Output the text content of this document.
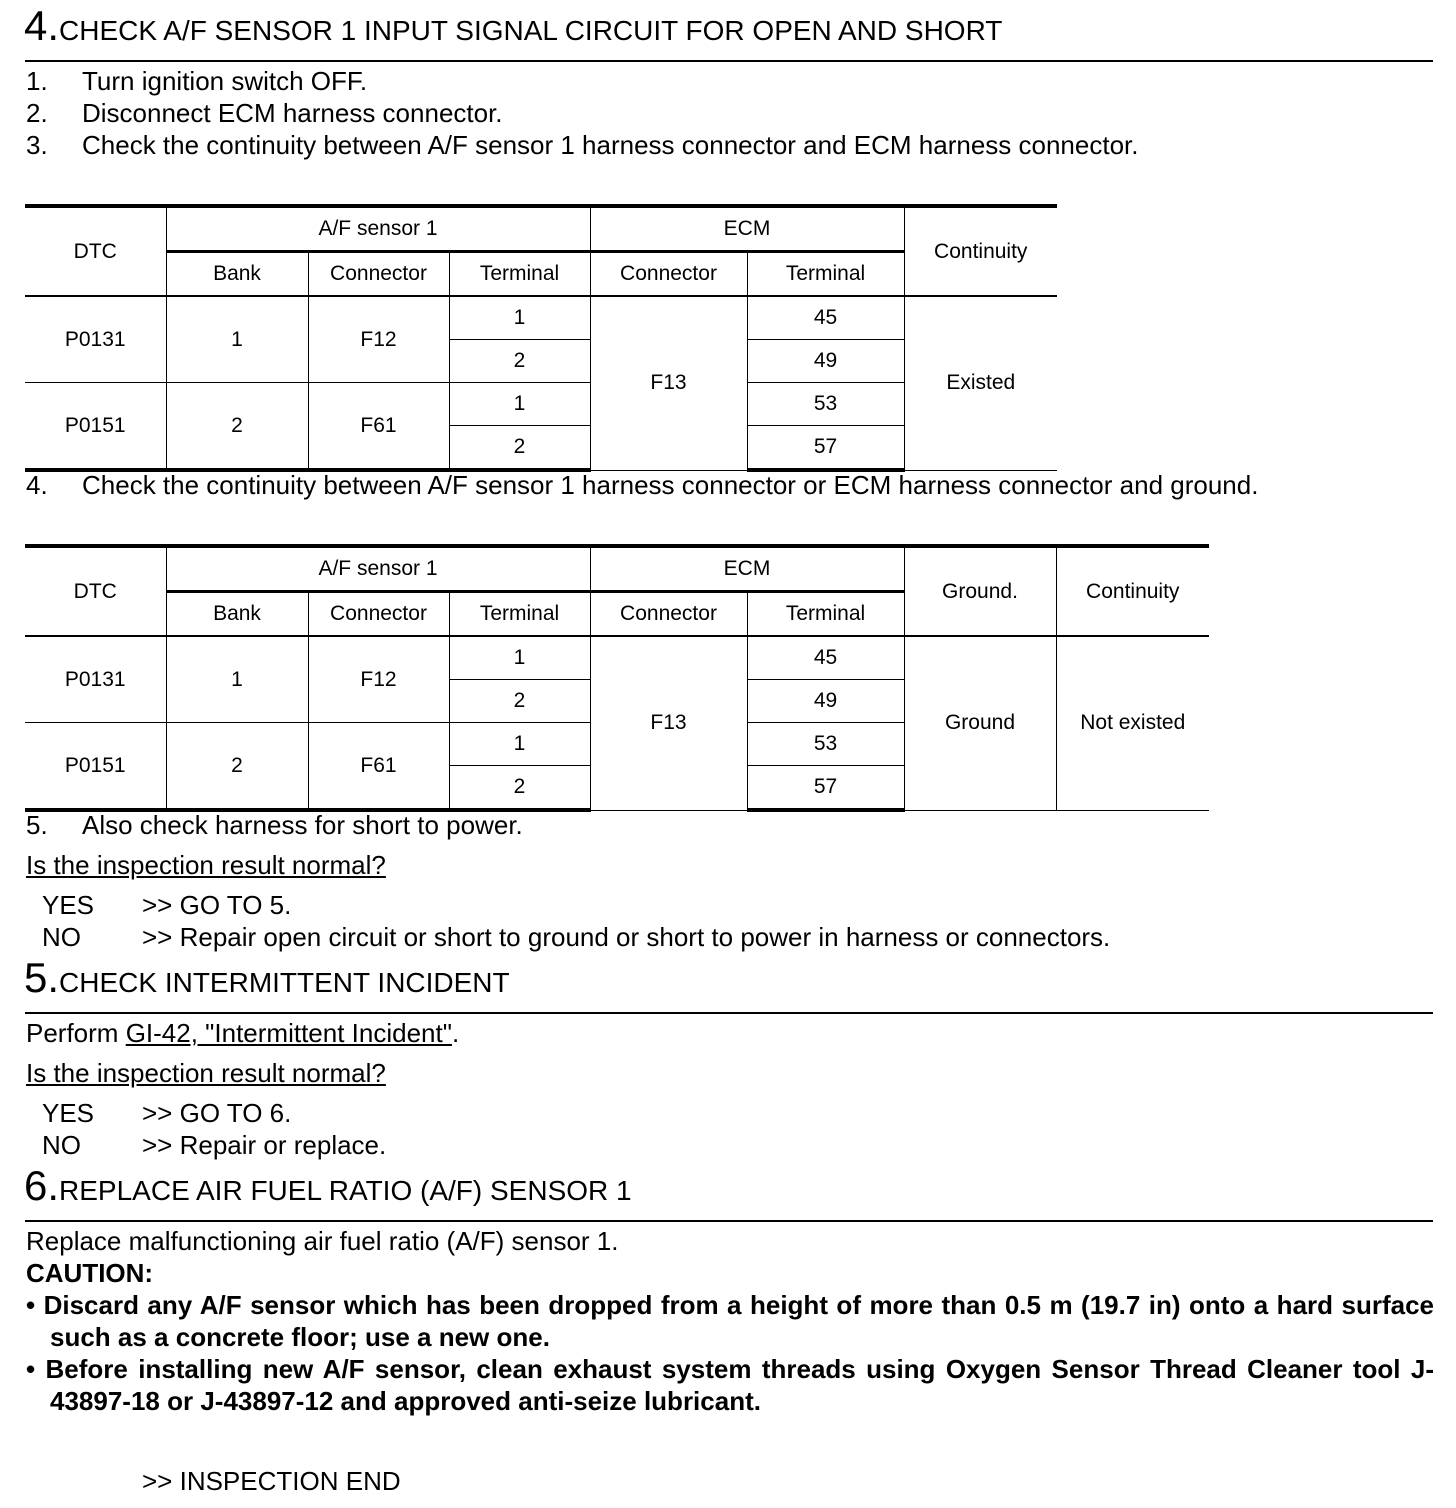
4.CHECK A/F SENSOR 1 INPUT SIGNAL CIRCUIT FOR OPEN AND SHORT
1. Turn ignition switch OFF.
2. Disconnect ECM harness connector.
3. Check the continuity between A/F sensor 1 harness connector and ECM harness connector.
DTC	A/F sensor 1			ECM		Continuity
	Bank	Connector	Terminal	Connector	Terminal	
P0131	1	F12	1	F13	45	Existed
			2		49	
P0151	2	F61	1		53	
			2		57	
4. Check the continuity between A/F sensor 1 harness connector or ECM harness connector and ground.
DTC	A/F sensor 1			ECM		Ground.	Continuity
	Bank	Connector	Terminal	Connector	Terminal		
P0131	1	F12	1	F13	45	Ground	Not existed
			2		49		
P0151	2	F61	1		53		
			2		57		
5. Also check harness for short to power.
Is the inspection result normal?
YES >> GO TO 5.
NO >> Repair open circuit or short to ground or short to power in harness or connectors.
5.CHECK INTERMITTENT INCIDENT
Perform GI-42, "Intermittent Incident".
Is the inspection result normal?
YES >> GO TO 6.
NO >> Repair or replace.
6.REPLACE AIR FUEL RATIO (A/F) SENSOR 1
Replace malfunctioning air fuel ratio (A/F) sensor 1.
CAUTION:
• Discard any A/F sensor which has been dropped from a height of more than 0.5 m (19.7 in) onto a hard surface such as a concrete floor; use a new one.
• Before installing new A/F sensor, clean exhaust system threads using Oxygen Sensor Thread Cleaner tool J-43897-18 or J-43897-12 and approved anti-seize lubricant.
>> INSPECTION END
